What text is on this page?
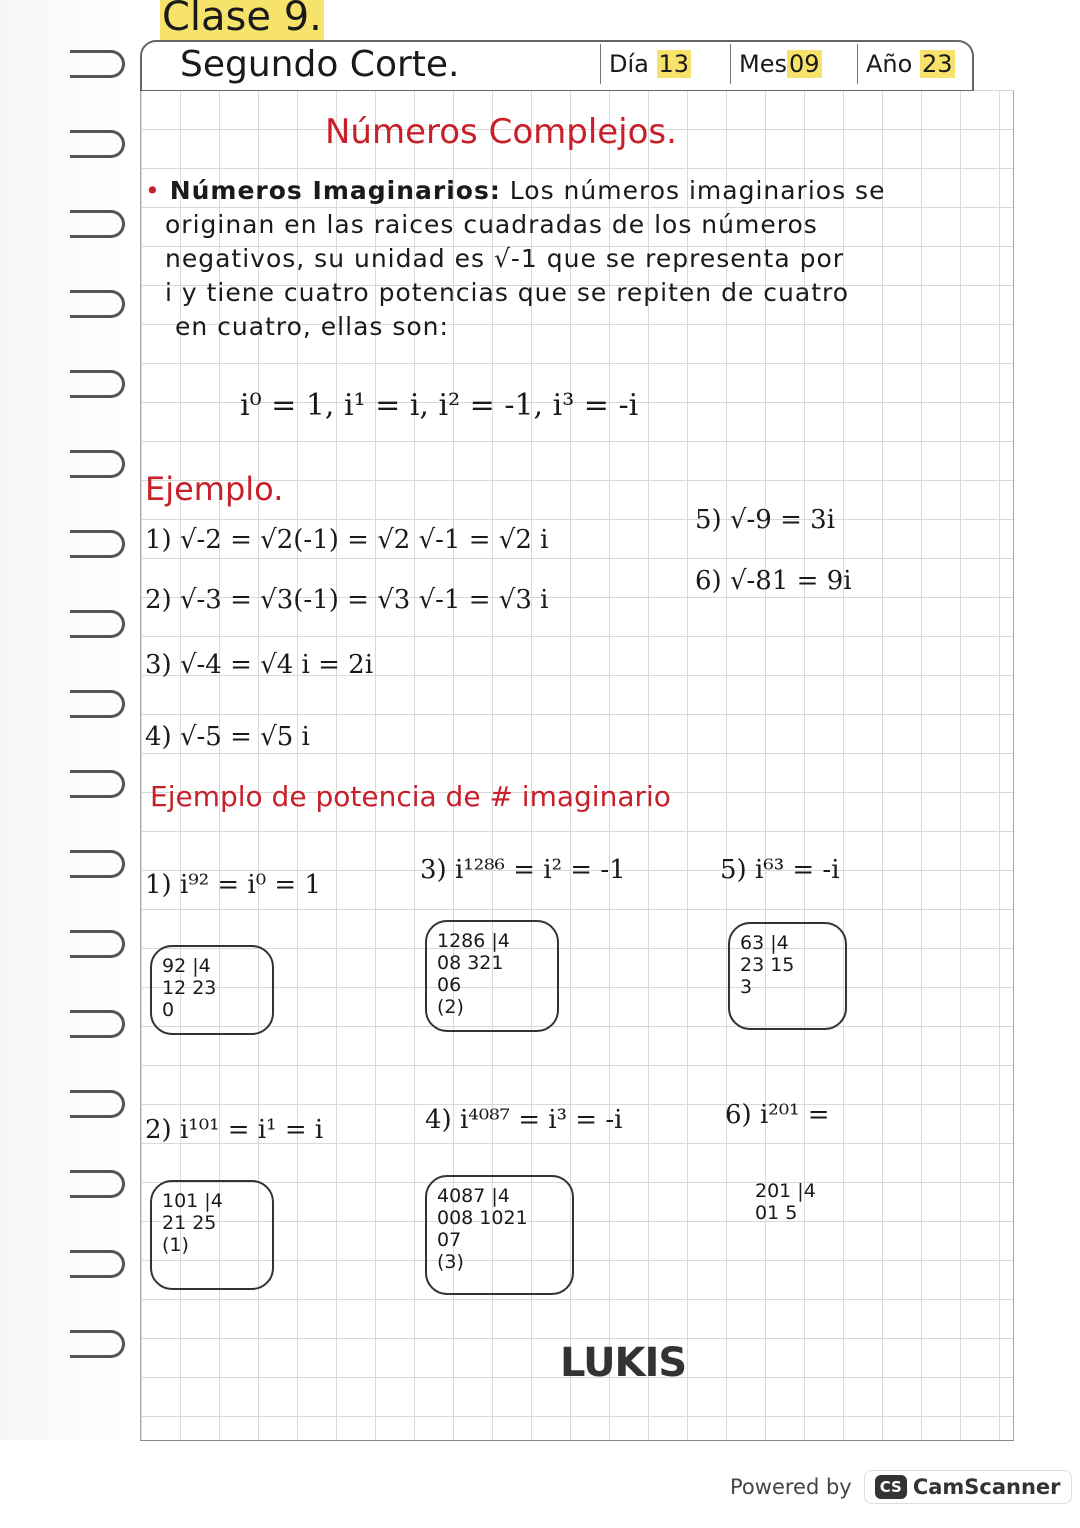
Clase 9.
Segundo Corte.	Día 13	Mes09	Año 23
Números Complejos.
• Números Imaginarios: Los números imaginarios se
originan en las raices cuadradas de los números
negativos, su unidad es √-1 que se representa por
i y tiene cuatro potencias que se repiten de cuatro
en cuatro, ellas son:
i⁰ = 1, i¹ = i, i² = -1, i³ = -i
Ejemplo.
1) √-2 = √2(-1) = √2 √-1 = √2 i
2) √-3 = √3(-1) = √3 √-1 = √3 i
3) √-4 = √4 i = 2i
4) √-5 = √5 i
5) √-9 = 3i
6) √-81 = 9i
Ejemplo de potencia de # imaginario
1) i⁹² = i⁰ = 1
92 |4
12 23
0
3) i¹²⁸⁶ = i² = -1
1286 |4
08 321
06
(2)
5) i⁶³ = -i
63 |4
23 15
3
2) i¹⁰¹ = i¹ = i
101 |4
21 25
(1)
4) i⁴⁰⁸⁷ = i³ = -i
4087 |4
008 1021
07
(3)
6) i²⁰¹ =
201 |4
01 5
LUKIS
Powered by	CS CamScanner
